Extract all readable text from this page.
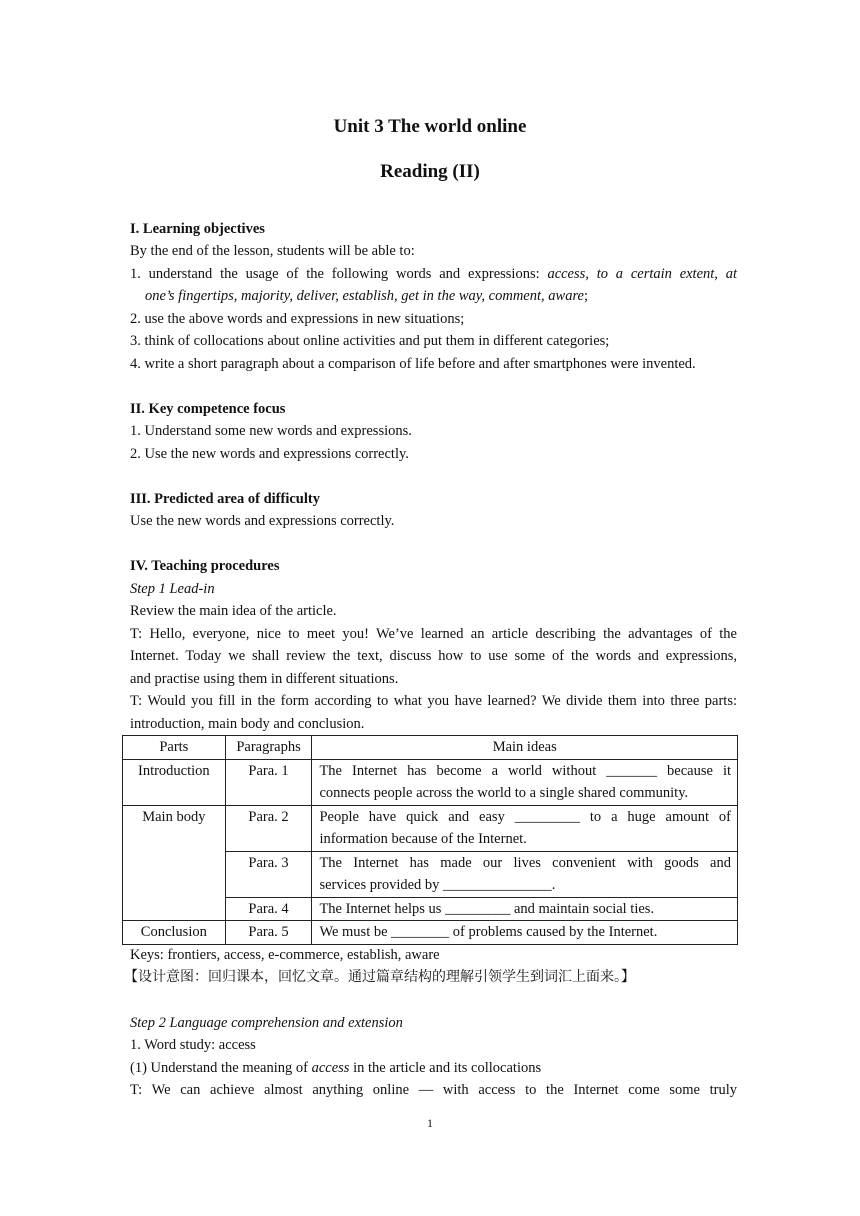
Unit 3 The world online
Reading (II)
I. Learning objectives
By the end of the lesson, students will be able to:
1. understand the usage of the following words and expressions: access, to a certain extent, at
one’s fingertips, majority, deliver, establish, get in the way, comment, aware;
2. use the above words and expressions in new situations;
3. think of collocations about online activities and put them in different categories;
4. write a short paragraph about a comparison of life before and after smartphones were invented.
II. Key competence focus
1. Understand some new words and expressions.
2. Use the new words and expressions correctly.
III. Predicted area of difficulty
Use the new words and expressions correctly.
IV. Teaching procedures
Step 1 Lead-in
Review the main idea of the article.
T: Hello, everyone, nice to meet you! We’ve learned an article describing the advantages of the
Internet. Today we shall review the text, discuss how to use some of the words and expressions,
and practise using them in different situations.
T: Would you fill in the form according to what you have learned? We divide them into three parts:
introduction, main body and conclusion.
Keys: frontiers, access, e-commerce, establish, aware
【设计意图：回归课本，回忆文章。通过篇章结构的理解引领学生到词汇上面来。】
Step 2 Language comprehension and extension
1. Word study: access
(1) Understand the meaning of access in the article and its collocations
T: We can achieve almost anything online — with access to the Internet come some truly
Parts	Paragraphs	Main ideas
Introduction	Para. 1	The Internet has become a world without _______ because it
connects people across the world to a single shared community.

Main body	Para. 2	People have quick and easy _________ to a huge amount of
information because of the Internet.

	Para. 3	The Internet has made our lives convenient with goods and
services provided by _______________.

	Para. 4	The Internet helps us _________ and maintain social ties.

Conclusion	Para. 5	We must be ________ of problems caused by the Internet.
1
